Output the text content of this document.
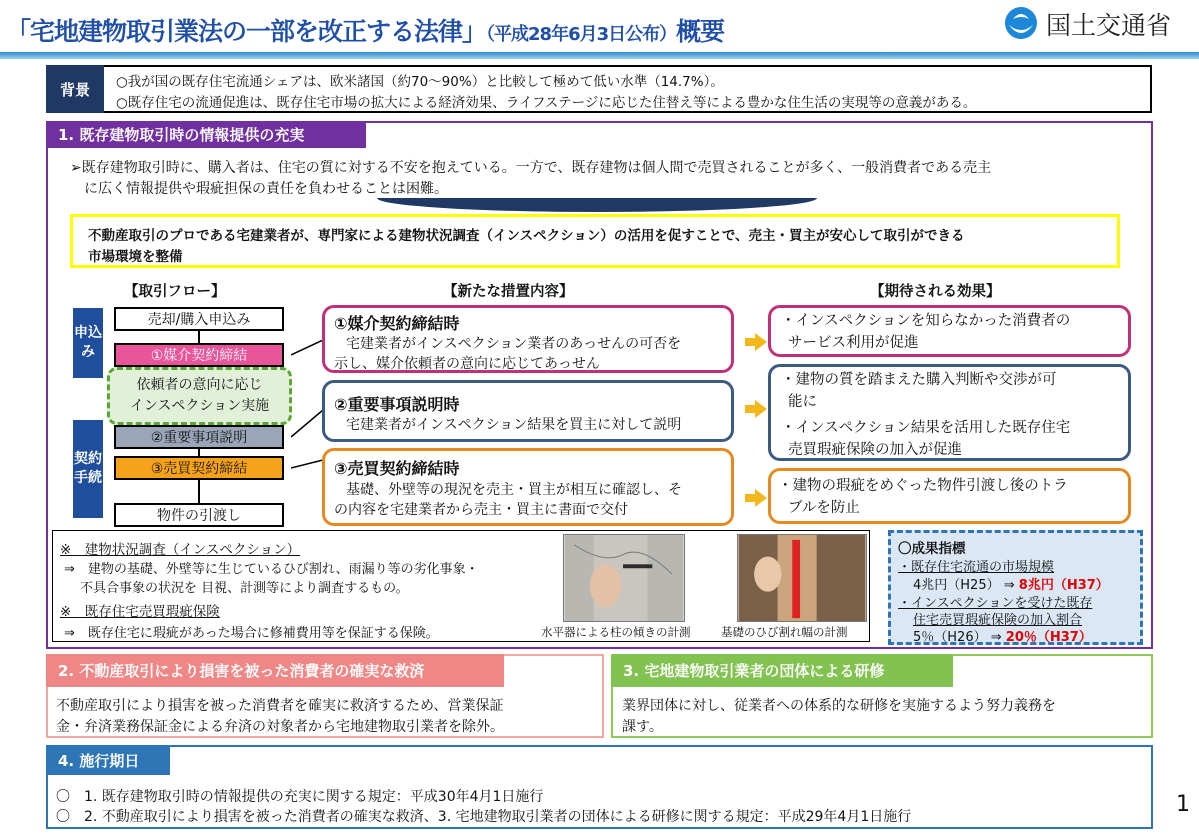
「宅地建物取引業法の一部を改正する法律」（平成28年6月3日公布）概要	国土交通省
背景	○我が国の既存住宅流通シェアは、欧米諸国（約70～90%）と比較して極めて低い水準（14.7%）。
○既存住宅の流通促進は、既存住宅市場の拡大による経済効果、ライフステージに応じた住替え等による豊かな住生活の実現等の意義がある。
1. 既存建物取引時の情報提供の充実
➢既存建物取引時に、購入者は、住宅の質に対する不安を抱えている。一方で、既存建物は個人間で売買されることが多く、一般消費者である売主
に広く情報提供や瑕疵担保の責任を負わせることは困難。
不動産取引のプロである宅建業者が、専門家による建物状況調査（インスペクション）の活用を促すことで、売主・買主が安心して取引ができる
市場環境を整備
【取引フロー】	【新たな措置内容】	【期待される効果】
申込み
契約手続
売却/購入申込み
①媒介契約締結
依頼者の意向に応じ
インスペクション実施
②重要事項説明
③売買契約締結
物件の引渡し
①媒介契約締結時
宅建業者がインスペクション業者のあっせんの可否を
示し、媒介依頼者の意向に応じてあっせん
②重要事項説明時
宅建業者がインスペクション結果を買主に対して説明
③売買契約締結時
基礎、外壁等の現況を売主・買主が相互に確認し、そ
の内容を宅建業者から売主・買主に書面で交付
・インスペクションを知らなかった消費者の
サービス利用が促進
・建物の質を踏まえた購入判断や交渉が可
能に
・インスペクション結果を活用した既存住宅
売買瑕疵保険の加入が促進
・建物の瑕疵をめぐった物件引渡し後のトラ
ブルを防止
※　建物状況調査（インスペクション）
⇒　建物の基礎、外壁等に生じているひび割れ、雨漏り等の劣化事象・
不具合事象の状況を 目視、計測等により調査するもの。
※　既存住宅売買瑕疵保険
⇒　既存住宅に瑕疵があった場合に修補費用等を保証する保険。	水平器による柱の傾きの計測	基礎のひび割れ幅の計測
〇成果指標
・既存住宅流通の市場規模
4兆円（H25） ⇒ 8兆円（H37）
・インスペクションを受けた既存
住宅売買瑕疵保険の加入割合
5％（H26） ⇒ 20％（H37）
2. 不動産取引により損害を被った消費者の確実な救済
不動産取引により損害を被った消費者を確実に救済するため、営業保証
金・弁済業務保証金による弁済の対象者から宅地建物取引業者を除外。
3. 宅地建物取引業者の団体による研修
業界団体に対し、従業者への体系的な研修を実施するよう努力義務を
課す。
4. 施行期日
〇　1. 既存建物取引時の情報提供の充実に関する規定：平成30年4月1日施行
〇　2. 不動産取引により損害を被った消費者の確実な救済、3. 宅地建物取引業者の団体による研修に関する規定：平成29年4月1日施行	1
